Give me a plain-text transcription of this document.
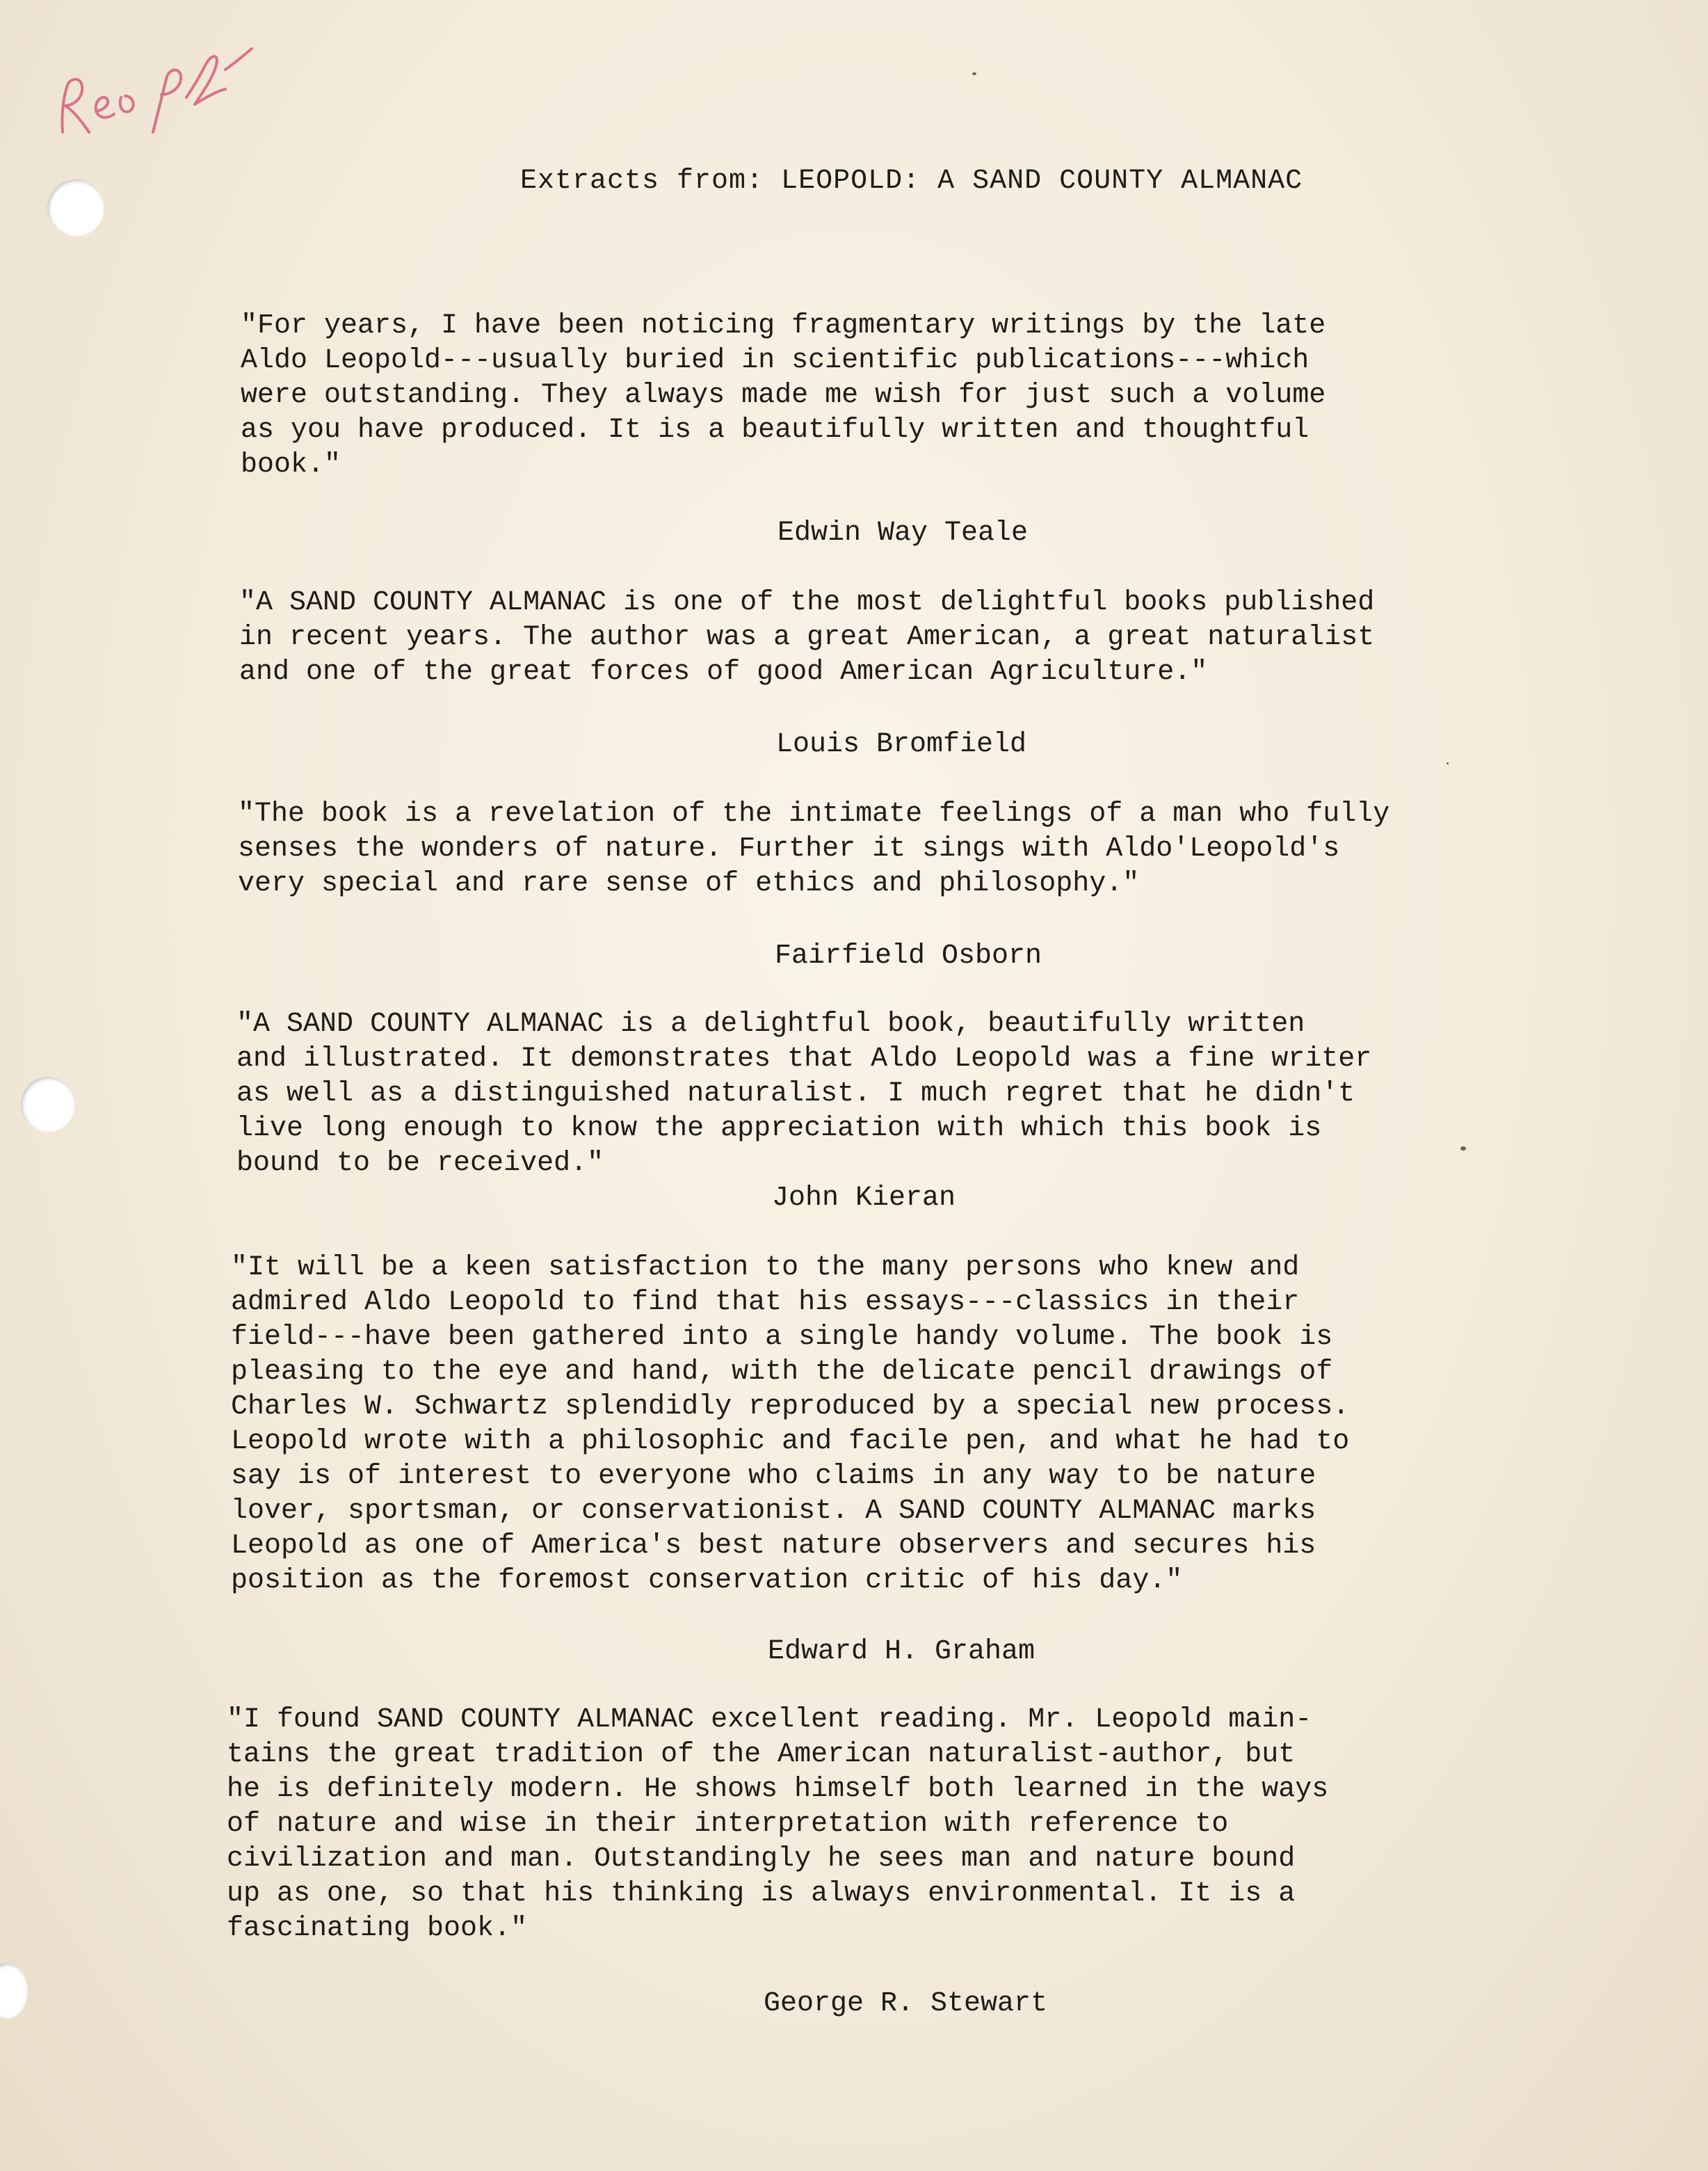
Re: Pub
Extracts from: LEOPOLD: A SAND COUNTY ALMANAC
"For years, I have been noticing fragmentary writings by the late
Aldo Leopold---usually buried in scientific publications---which
were outstanding. They always made me wish for just such a volume
as you have produced. It is a beautifully written and thoughtful
book."
Edwin Way Teale
"A SAND COUNTY ALMANAC is one of the most delightful books published
in recent years. The author was a great American, a great naturalist
and one of the great forces of good American Agriculture."
Louis Bromfield
"The book is a revelation of the intimate feelings of a man who fully
senses the wonders of nature. Further it sings with Aldo'Leopold's
very special and rare sense of ethics and philosophy."
Fairfield Osborn
"A SAND COUNTY ALMANAC is a delightful book, beautifully written
and illustrated. It demonstrates that Aldo Leopold was a fine writer
as well as a distinguished naturalist. I much regret that he didn't
live long enough to know the appreciation with which this book is
bound to be received."
John Kieran
"It will be a keen satisfaction to the many persons who knew and
admired Aldo Leopold to find that his essays---classics in their
field---have been gathered into a single handy volume. The book is
pleasing to the eye and hand, with the delicate pencil drawings of
Charles W. Schwartz splendidly reproduced by a special new process.
Leopold wrote with a philosophic and facile pen, and what he had to
say is of interest to everyone who claims in any way to be nature
lover, sportsman, or conservationist. A SAND COUNTY ALMANAC marks
Leopold as one of America's best nature observers and secures his
position as the foremost conservation critic of his day."
Edward H. Graham
"I found SAND COUNTY ALMANAC excellent reading. Mr. Leopold main-
tains the great tradition of the American naturalist-author, but
he is definitely modern. He shows himself both learned in the ways
of nature and wise in their interpretation with reference to
civilization and man. Outstandingly he sees man and nature bound
up as one, so that his thinking is always environmental. It is a
fascinating book."
George R. Stewart
